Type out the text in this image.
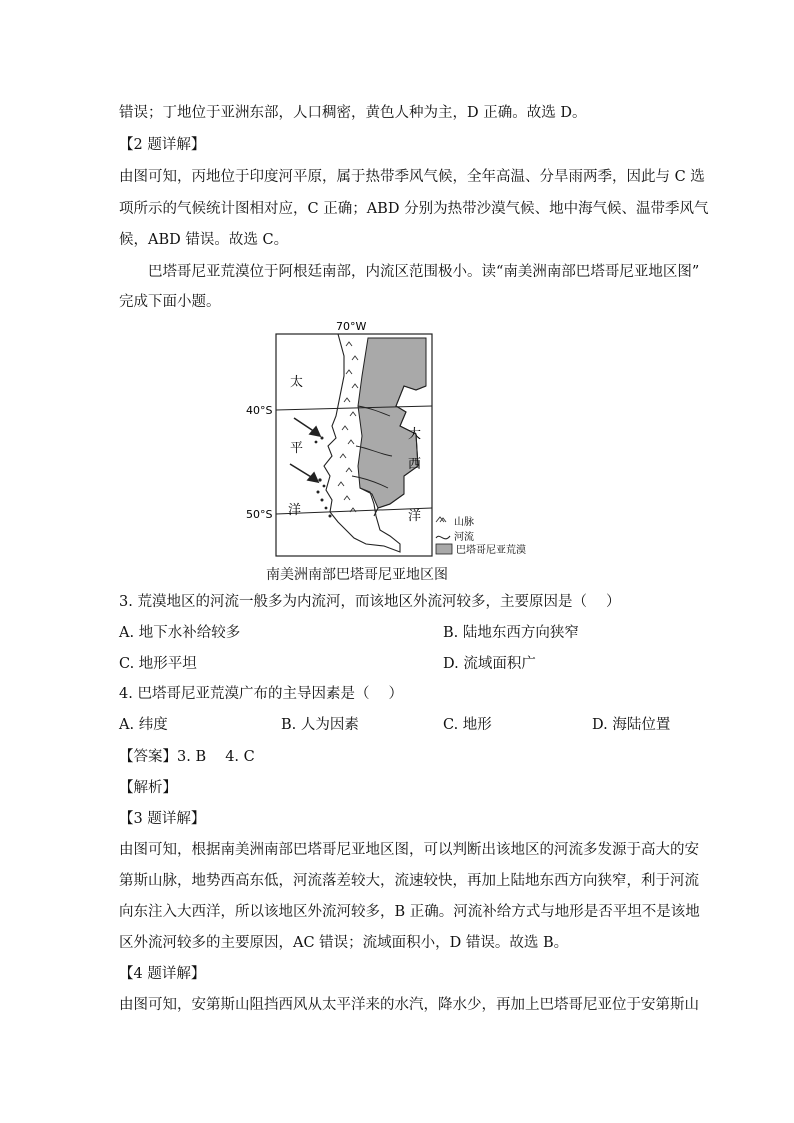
错误；丁地位于亚洲东部，人口稠密，黄色人种为主，D 正确。故选 D。
【2 题详解】
由图可知，丙地位于印度河平原，属于热带季风气候，全年高温、分旱雨两季，因此与 C 选
项所示的气候统计图相对应，C 正确；ABD 分别为热带沙漠气候、地中海气候、温带季风气
候，ABD 错误。故选 C。
巴塔哥尼亚荒漠位于阿根廷南部，内流区范围极小。读“南美洲南部巴塔哥尼亚地区图”
完成下面小题。
70°W
40°S
50°S
太
平
洋
大
西
洋	山脉
河流
巴塔哥尼亚荒漠
南美洲南部巴塔哥尼亚地区图
3. 荒漠地区的河流一般多为内流河，而该地区外流河较多，主要原因是（　 ）
A. 地下水补给较多	B. 陆地东西方向狭窄
C. 地形平坦	D. 流域面积广
4. 巴塔哥尼亚荒漠广布的主导因素是（　 ）
A. 纬度	B. 人为因素	C. 地形	D. 海陆位置
【答案】3. B　 4. C
【解析】
【3 题详解】
由图可知，根据南美洲南部巴塔哥尼亚地区图，可以判断出该地区的河流多发源于高大的安
第斯山脉，地势西高东低，河流落差较大，流速较快，再加上陆地东西方向狭窄，利于河流
向东注入大西洋，所以该地区外流河较多，B 正确。河流补给方式与地形是否平坦不是该地
区外流河较多的主要原因，AC 错误；流域面积小，D 错误。故选 B。
【4 题详解】
由图可知，安第斯山阻挡西风从太平洋来的水汽，降水少，再加上巴塔哥尼亚位于安第斯山
